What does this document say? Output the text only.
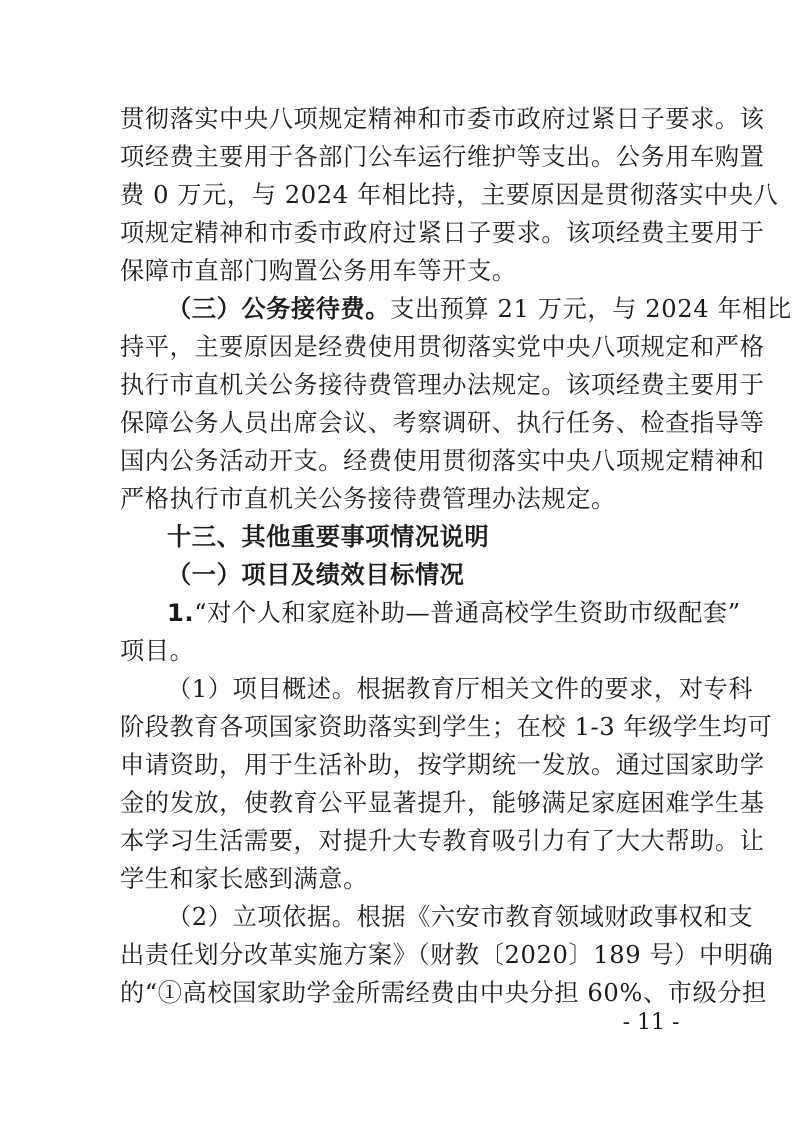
贯彻落实中央八项规定精神和市委市政府过紧日子要求。该
项经费主要用于各部门公车运行维护等支出。公务用车购置
费 0 万元，与 2024 年相比持，主要原因是贯彻落实中央八
项规定精神和市委市政府过紧日子要求。该项经费主要用于
保障市直部门购置公务用车等开支。
（三）公务接待费。支出预算 21 万元，与 2024 年相比
持平，主要原因是经费使用贯彻落实党中央八项规定和严格
执行市直机关公务接待费管理办法规定。该项经费主要用于
保障公务人员出席会议、考察调研、执行任务、检查指导等
国内公务活动开支。经费使用贯彻落实中央八项规定精神和
严格执行市直机关公务接待费管理办法规定。
十三、其他重要事项情况说明
（一）项目及绩效目标情况
1.“对个人和家庭补助—普通高校学生资助市级配套”
项目。
（1）项目概述。根据教育厅相关文件的要求，对专科
阶段教育各项国家资助落实到学生；在校 1-3 年级学生均可
申请资助，用于生活补助，按学期统一发放。通过国家助学
金的发放，使教育公平显著提升，能够满足家庭困难学生基
本学习生活需要，对提升大专教育吸引力有了大大帮助。让
学生和家长感到满意。
（2）立项依据。根据《六安市教育领域财政事权和支
出责任划分改革实施方案》（财教〔2020〕189 号）中明确
的“①高校国家助学金所需经费由中央分担 60%、市级分担
- 11 -
